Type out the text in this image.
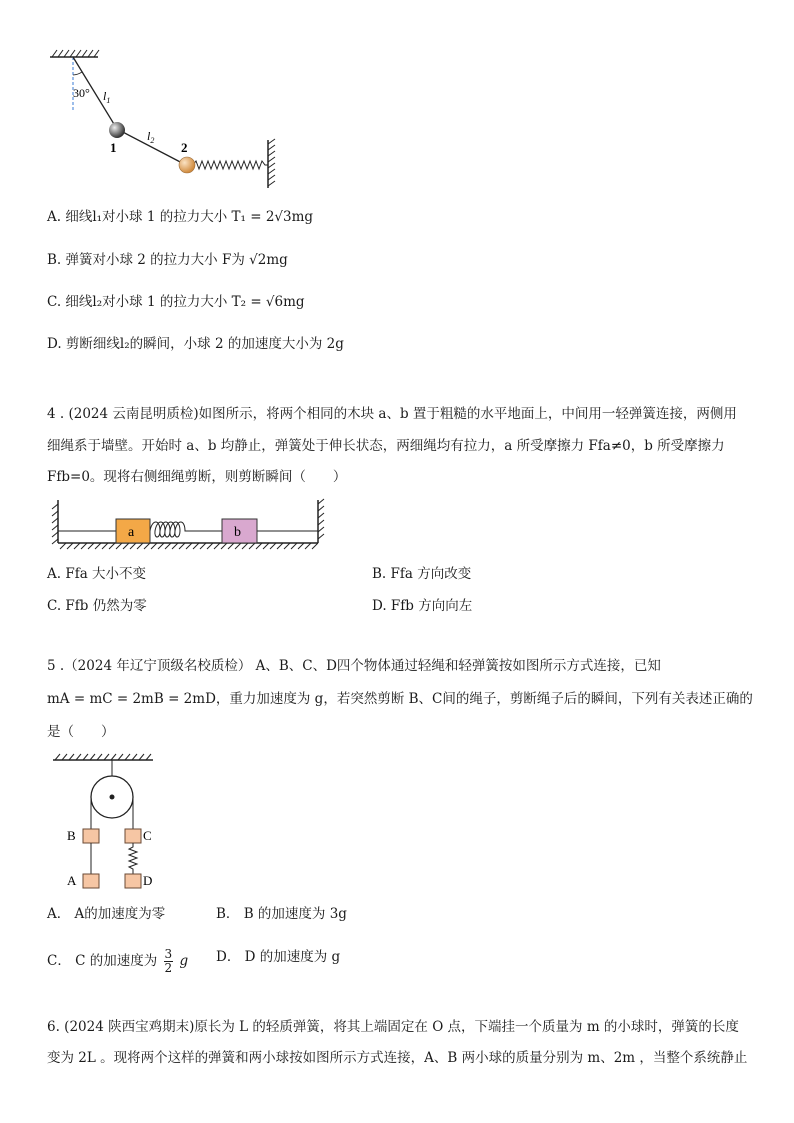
30° $l_1$
$l_2$
1	2
A. 细线l₁对小球 1 的拉力大小 T₁ = 2√3mg
B. 弹簧对小球 2 的拉力大小 F为 √2mg
C. 细线l₂对小球 1 的拉力大小 T₂ = √6mg
D. 剪断细线l₂的瞬间，小球 2 的加速度大小为 2g
4 . (2024 云南昆明质检)如图所示，将两个相同的木块 a、b 置于粗糙的水平地面上，中间用一轻弹簧连接，两侧用
细绳系于墙壁。开始时 a、b 均静止，弹簧处于伸长状态，两细绳均有拉力，a 所受摩擦力 Ffa≠0，b 所受摩擦力
Ffb=0。现将右侧细绳剪断，则剪断瞬间（　　）
a	b
A. Ffa 大小不变	B. Ffa 方向改变
C. Ffb 仍然为零	D. Ffb 方向向左
5 .（2024 年辽宁顶级名校质检） A、B、C、D四个物体通过轻绳和轻弹簧按如图所示方式连接，已知
mA = mC = 2mB = 2mD，重力加速度为 g，若突然剪断 B、C间的绳子，剪断绳子后的瞬间，下列有关表述正确的
是（　　）
B	C
A	D
A． A的加速度为零	B． B 的加速度为 3g
C． C 的加速度为 $\frac{3}{2}$ g D． D 的加速度为 g
6. (2024 陕西宝鸡期末)原长为 L 的轻质弹簧，将其上端固定在 O 点，下端挂一个质量为 m 的小球时，弹簧的长度
变为 2L 。现将两个这样的弹簧和两小球按如图所示方式连接，A、B 两小球的质量分别为 m、2m ，当整个系统静止
